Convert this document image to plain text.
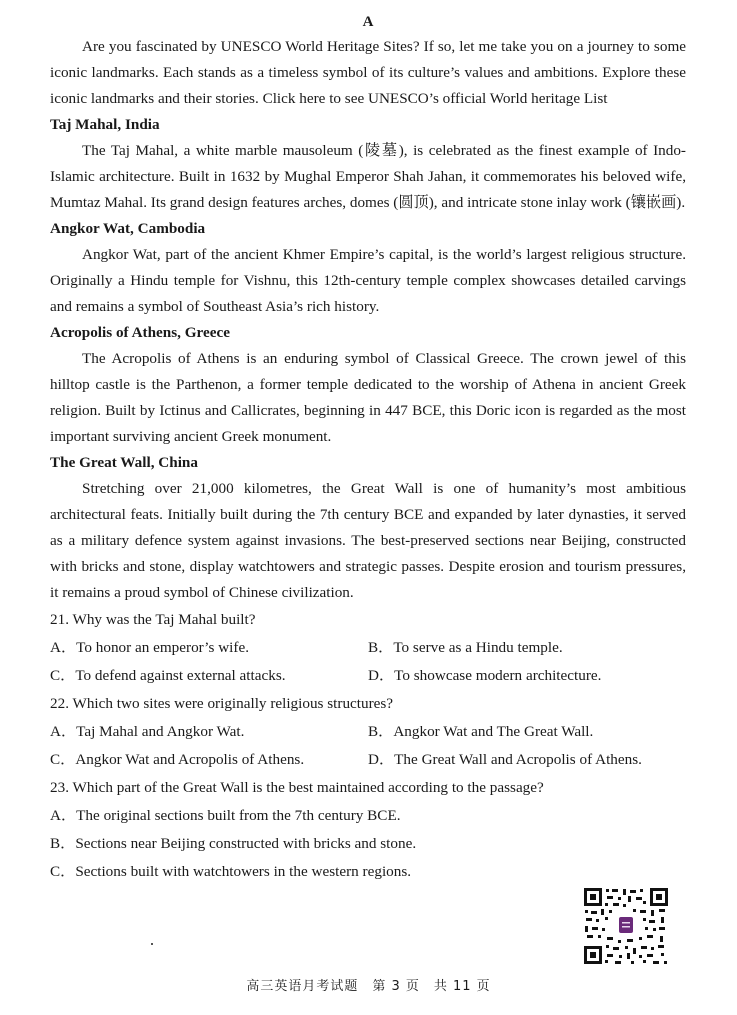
A

Are you fascinated by UNESCO World Heritage Sites? If so, let me take you on a journey to some iconic landmarks. Each stands as a timeless symbol of its culture’s values and ambitions. Explore these iconic landmarks and their stories. Click here to see UNESCO’s official World heritage List

Taj Mahal, India

The Taj Mahal, a white marble mausoleum (陵墓), is celebrated as the finest example of Indo-Islamic architecture. Built in 1632 by Mughal Emperor Shah Jahan, it commemorates his beloved wife, Mumtaz Mahal. Its grand design features arches, domes (圆顶), and intricate stone inlay work (镶嵌画).

Angkor Wat, Cambodia

Angkor Wat, part of the ancient Khmer Empire’s capital, is the world’s largest religious structure. Originally a Hindu temple for Vishnu, this 12th-century temple complex showcases detailed carvings and remains a symbol of Southeast Asia’s rich history.

Acropolis of Athens, Greece

The Acropolis of Athens is an enduring symbol of Classical Greece. The crown jewel of this hilltop castle is the Parthenon, a former temple dedicated to the worship of Athena in ancient Greek religion. Built by Ictinus and Callicrates, beginning in 447 BCE, this Doric icon is regarded as the most important surviving ancient Greek monument.

The Great Wall, China

Stretching over 21,000 kilometres, the Great Wall is one of humanity’s most ambitious architectural feats. Initially built during the 7th century BCE and expanded by later dynasties, it served as a military defence system against invasions. The best-preserved sections near Beijing, constructed with bricks and stone, display watchtowers and strategic passes. Despite erosion and tourism pressures, it remains a proud symbol of Chinese civilization.

21. Why was the Taj Mahal built?
A．To honor an emperor’s wife.	B．To serve as a Hindu temple.
C．To defend against external attacks.	D．To showcase modern architecture.
22. Which two sites were originally religious structures?
A．Taj Mahal and Angkor Wat.	B．Angkor Wat and The Great Wall.
C．Angkor Wat and Acropolis of Athens.	D．The Great Wall and Acropolis of Athens.
23. Which part of the Great Wall is the best maintained according to the passage?
A．The original sections built from the 7th century BCE.
B．Sections near Beijing constructed with bricks and stone.
C．Sections built with watchtowers in the western regions.
高三英语月考试题　第 3 页　共 11 页
